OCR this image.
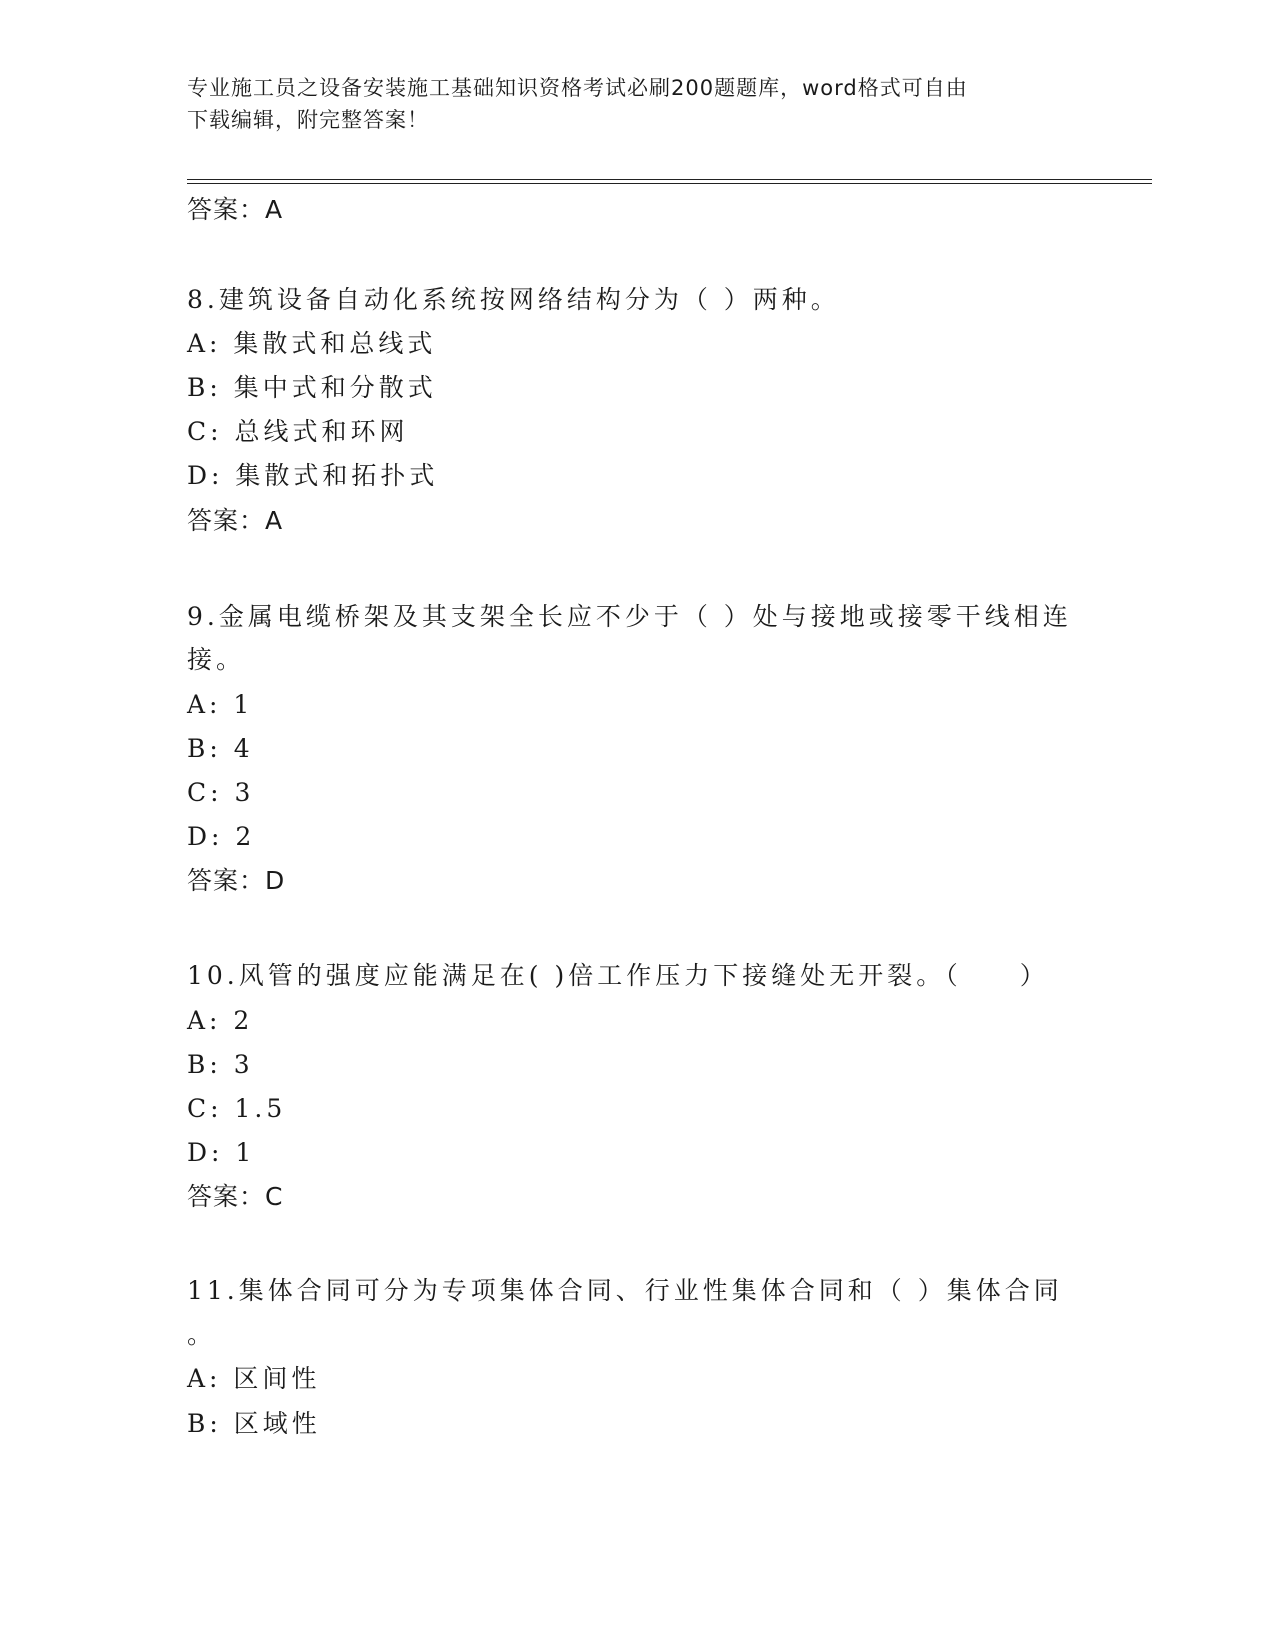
专业施工员之设备安装施工基础知识资格考试必刷200题题库，word格式可自由
下载编辑，附完整答案！
答案：A
8.建筑设备自动化系统按网络结构分为（ ）两种。
A: 集散式和总线式
B: 集中式和分散式
C: 总线式和环网
D: 集散式和拓扑式
答案：A
9.金属电缆桥架及其支架全长应不少于（ ）处与接地或接零干线相连
接。
A: 1
B: 4
C: 3
D: 2
答案：D
10.风管的强度应能满足在( )倍工作压力下接缝处无开裂。（　　）
A: 2
B: 3
C: 1.5
D: 1
答案：C
11.集体合同可分为专项集体合同、行业性集体合同和（ ）集体合同
。
A: 区间性
B: 区域性
